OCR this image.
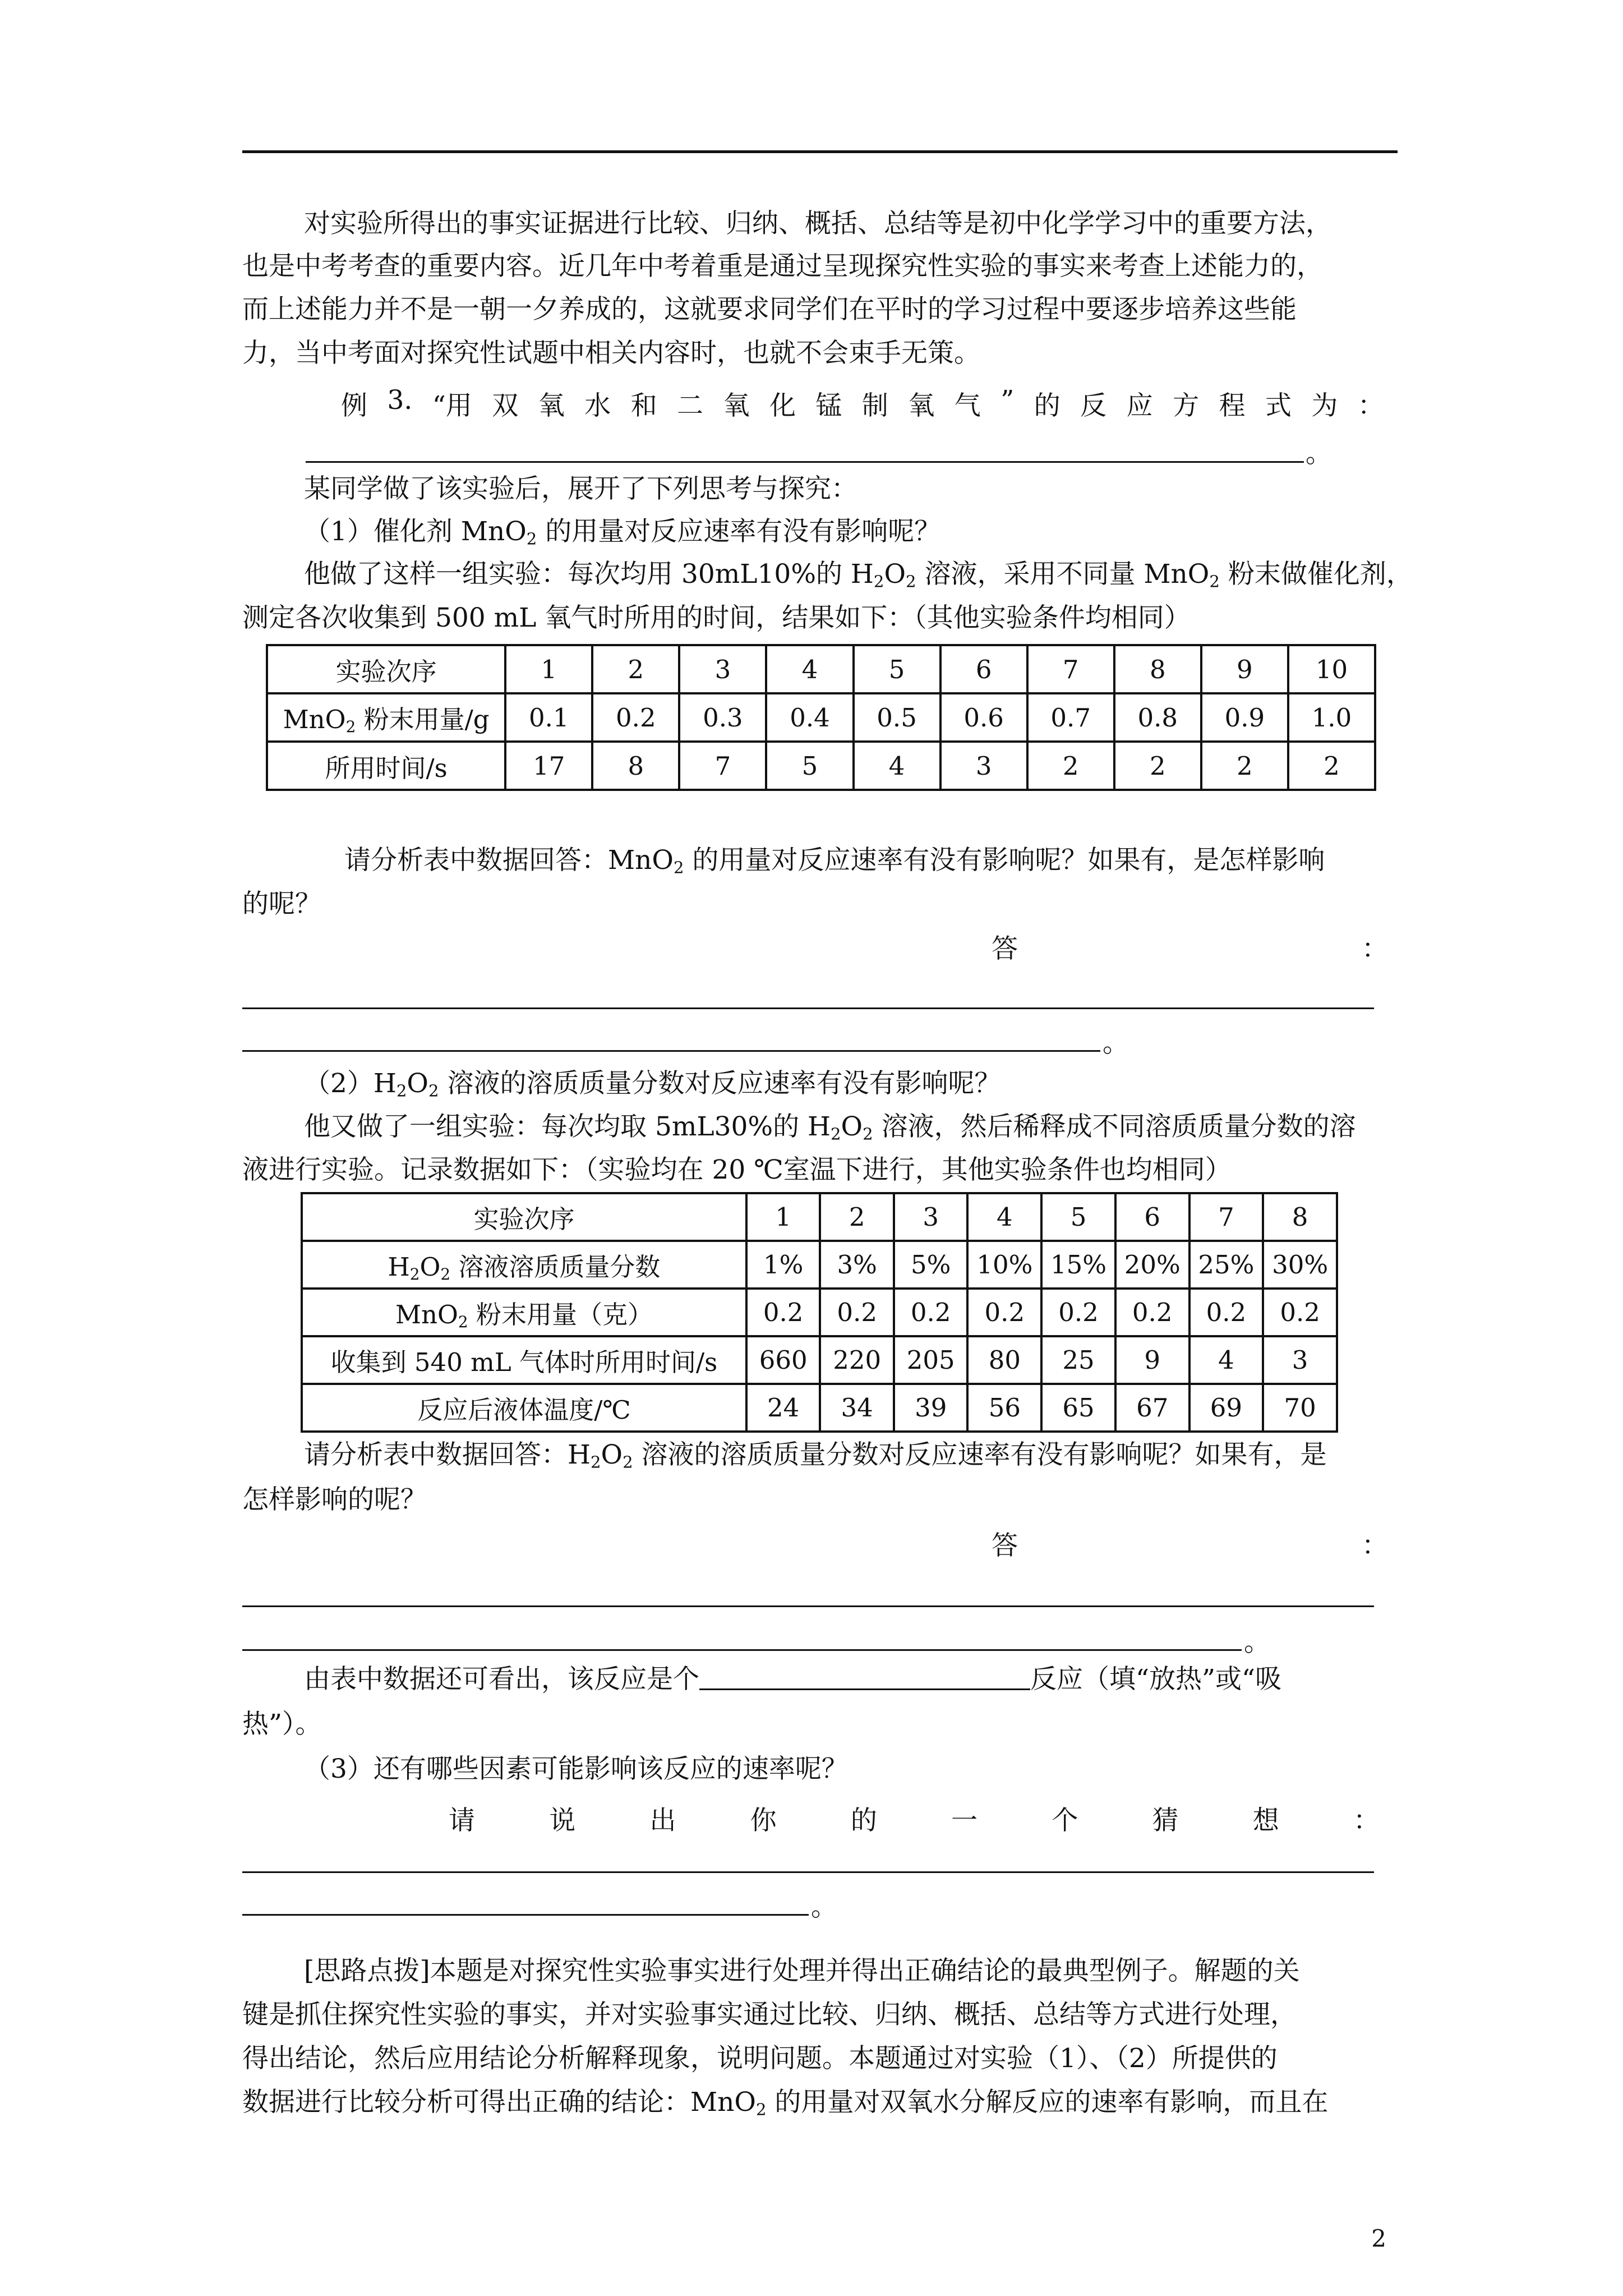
对实验所得出的事实证据进行比较、归纳、概括、总结等是初中化学学习中的重要方法，
也是中考考查的重要内容。近几年中考着重是通过呈现探究性实验的事实来考查上述能力的，
而上述能力并不是一朝一夕养成的，这就要求同学们在平时的学习过程中要逐步培养这些能
力，当中考面对探究性试题中相关内容时，也就不会束手无策。
例 3. “用 双 氧 水 和 二 氧 化 锰 制 氧 气 ” 的 反 应 方 程 式 为 ：
。
某同学做了该实验后，展开了下列思考与探究：
（1）催化剂 MnO$_2$ 的用量对反应速率有没有影响呢？
他做了这样一组实验：每次均用 30mL10%的 $H_2O_2$ 溶液，采用不同量 MnO$_2$ 粉末做催化剂，
测定各次收集到 500 mL 氧气时所用的时间，结果如下：（其他实验条件均相同）
实验次序	1	2	3	4	5	6	7	8	9	10
MnO$_2$ 粉末用量/g	0.1	0.2	0.3	0.4	0.5	0.6	0.7	0.8	0.9	1.0
所用时间/s	17	8	7	5	4	3	2	2	2	2
请分析表中数据回答：MnO$_2$ 的用量对反应速率有没有影响呢？如果有，是怎样影响
的呢？
答	：
。
$(2)H_2O_2$ 溶液的溶质质量分数对反应速率有没有影响呢？
他又做了一组实验：每次均取 5mL30%的 $H_2O_2$ 溶液，然后稀释成不同溶质质量分数的溶
液进行实验。记录数据如下：（实验均在 20 ℃室温下进行，其他实验条件也均相同）
实验次序	1	2	3	4	5	6	7	8
$H_2O_2$ 溶液溶质质量分数	1%	3%	5%	10%	15%	20%	25%	30%
MnO$_2$ 粉末用量（克）	0.2	0.2	0.2	0.2	0.2	0.2	0.2	0.2
收集到 540 mL 气体时所用时间/s	660	220	205	80	25	9	4	3
反应后液体温度/℃	24	34	39	56	65	67	69	70
请分析表中数据回答：$H_2O_2$ 溶液的溶质质量分数对反应速率有没有影响呢？如果有，是
怎样影响的呢？
答	：
。
由表中数据还可看出，该反应是个	反应（填“放热”或“吸
热”）。
（3）还有哪些因素可能影响该反应的速率呢？
请	说	出	你	的	一	个	猜	想	：
。
[思路点拨]本题是对探究性实验事实进行处理并得出正确结论的最典型例子。解题的关
键是抓住探究性实验的事实，并对实验事实通过比较、归纳、概括、总结等方式进行处理，
得出结论，然后应用结论分析解释现象，说明问题。本题通过对实验（1）、（2）所提供的
数据进行比较分析可得出正确的结论：MnO$_2$ 的用量对双氧水分解反应的速率有影响，而且在
2
